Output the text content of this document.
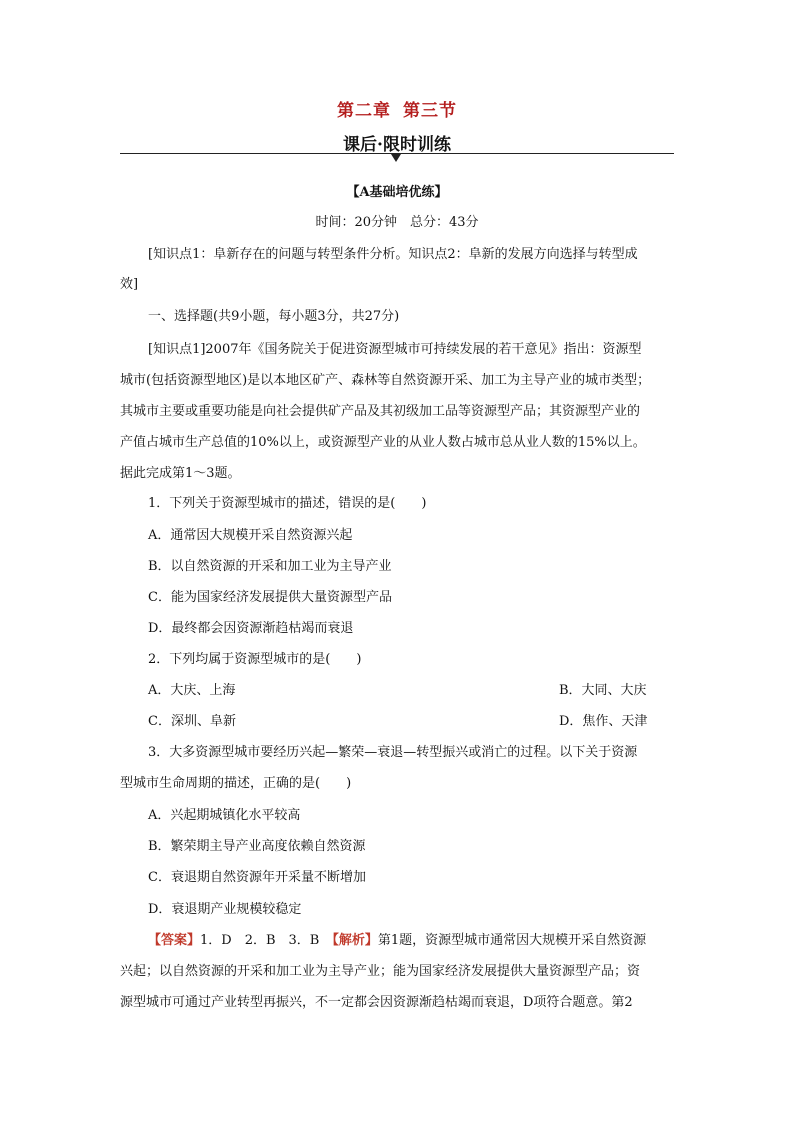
第二章 第三节
课后·限时训练
【A基础培优练】
时间：20分钟　总分：43分
[知识点1：阜新存在的问题与转型条件分析。知识点2：阜新的发展方向选择与转型成
效]
一、选择题(共9小题，每小题3分，共27分)
[知识点1]2007年《国务院关于促进资源型城市可持续发展的若干意见》指出：资源型
城市(包括资源型地区)是以本地区矿产、森林等自然资源开采、加工为主导产业的城市类型；
其城市主要或重要功能是向社会提供矿产品及其初级加工品等资源型产品；其资源型产业的
产值占城市生产总值的10%以上，或资源型产业的从业人数占城市总从业人数的15%以上。
据此完成第1～3题。
1．下列关于资源型城市的描述，错误的是(　　)
A．通常因大规模开采自然资源兴起
B．以自然资源的开采和加工业为主导产业
C．能为国家经济发展提供大量资源型产品
D．最终都会因资源渐趋枯竭而衰退
2．下列均属于资源型城市的是(　　)
A．大庆、上海	B．大同、大庆
C．深圳、阜新	D．焦作、天津
3．大多资源型城市要经历兴起—繁荣—衰退—转型振兴或消亡的过程。以下关于资源
型城市生命周期的描述，正确的是(　　)
A．兴起期城镇化水平较高
B．繁荣期主导产业高度依赖自然资源
C．衰退期自然资源年开采量不断增加
D．衰退期产业规模较稳定
【答案】1．D　2．B　3．B　【解析】第1题，资源型城市通常因大规模开采自然资源
兴起；以自然资源的开采和加工业为主导产业；能为国家经济发展提供大量资源型产品；资
源型城市可通过产业转型再振兴，不一定都会因资源渐趋枯竭而衰退，D项符合题意。第2
